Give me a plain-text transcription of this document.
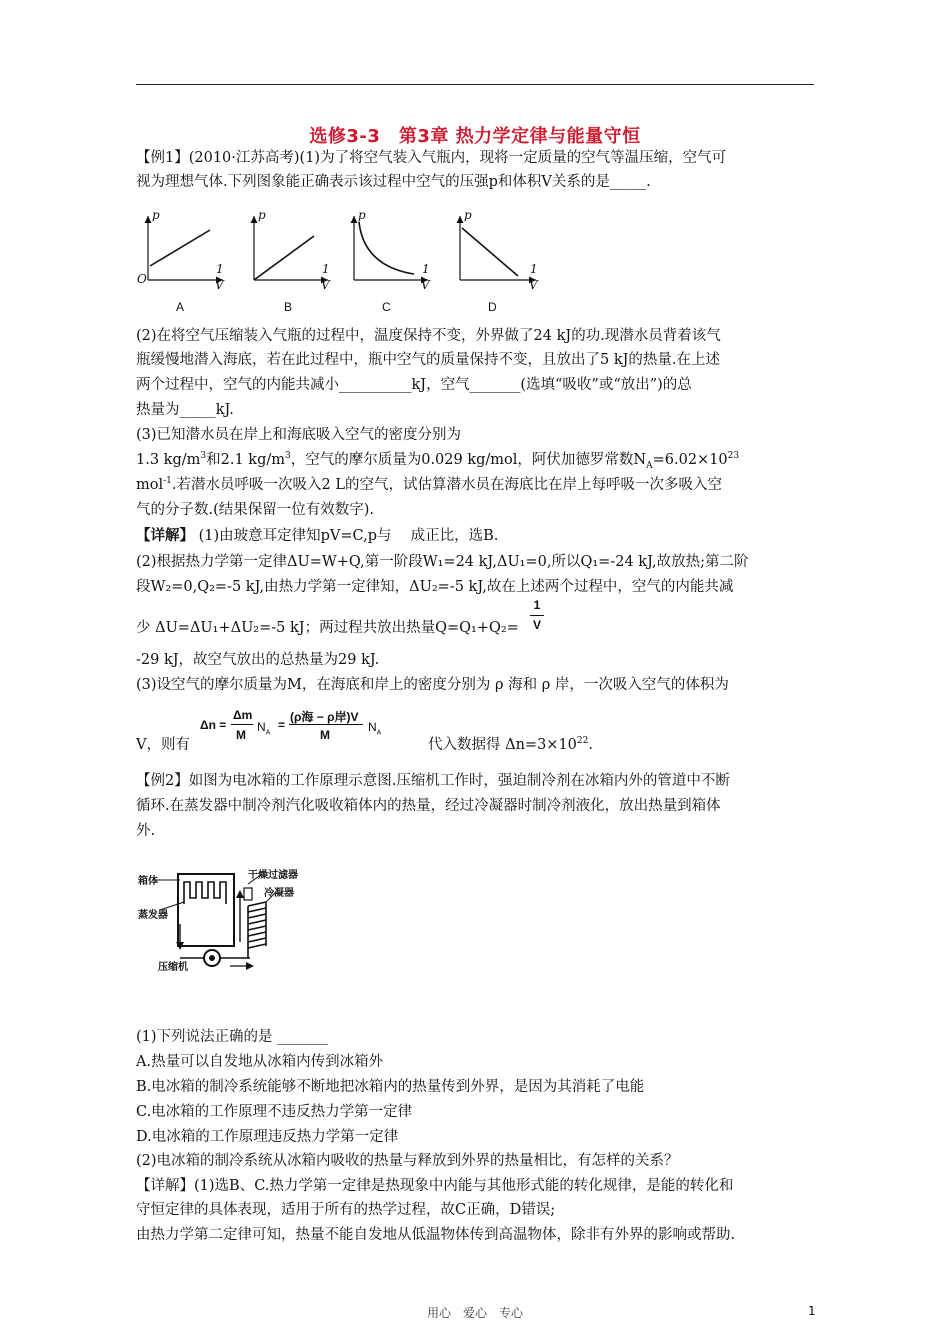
选修3-3　第3章 热力学定律与能量守恒
【例1】(2010·江苏高考)(1)为了将空气装入气瓶内，现将一定质量的空气等温压缩，空气可
视为理想气体.下列图象能正确表示该过程中空气的压强p和体积V关系的是_____.
p
O
1
V
A
p
1
V
B
p
1
V
C
p
1
V
D
(2)在将空气压缩装入气瓶的过程中，温度保持不变，外界做了24 kJ的功.现潜水员背着该气
瓶缓慢地潜入海底，若在此过程中，瓶中空气的质量保持不变，且放出了5 kJ的热量.在上述
两个过程中，空气的内能共减小__________kJ，空气_______(选填“吸收”或“放出”)的总
热量为_____kJ.
(3)已知潜水员在岸上和海底吸入空气的密度分别为
1.3 $kg/m^3$和2.1 $kg/m^3$，空气的摩尔质量为0.029 kg/mol，阿伏加德罗常数$N_A=6.02\times 10^{23}$
mol$^{-1}$.若潜水员呼吸一次吸入2 L的空气，试估算潜水员在海底比在岸上每呼吸一次多吸入空
气的分子数.(结果保留一位有效数字).
【详解】 (1)由玻意耳定律知pV=C,p与　 成正比，选B.
(2)根据热力学第一定律ΔU=W+Q,第一阶段W₁=24 kJ,ΔU₁=0,所以Q₁=-24 kJ,故放热;第二阶
段W₂=0,Q₂=-5 kJ,由热力学第一定律知，ΔU₂=-5 kJ,故在上述两个过程中，空气的内能共减
1
V
少 ΔU=ΔU₁+ΔU₂=-5 kJ；两过程共放出热量Q=Q₁+Q₂=
-29 kJ，故空气放出的总热量为29 kJ.
(3)设空气的摩尔质量为M，在海底和岸上的密度分别为 ρ 海和 ρ 岸，一次吸入空气的体积为
V，则有
Δn =
Δm
M
$N_A$
=
(ρ海 − ρ岸)V
M
$N_A$
代入数据得 $\Delta n=3\times 10^{22}$.
【例2】如图为电冰箱的工作原理示意图.压缩机工作时，强迫制冷剂在冰箱内外的管道中不断
循环.在蒸发器中制冷剂汽化吸收箱体内的热量，经过冷凝器时制冷剂液化，放出热量到箱体
外.
箱体
蒸发器
压缩机
干燥过滤器
冷凝器
(1)下列说法正确的是 _______
A.热量可以自发地从冰箱内传到冰箱外
B.电冰箱的制冷系统能够不断地把冰箱内的热量传到外界，是因为其消耗了电能
C.电冰箱的工作原理不违反热力学第一定律
D.电冰箱的工作原理违反热力学第一定律
(2)电冰箱的制冷系统从冰箱内吸收的热量与释放到外界的热量相比，有怎样的关系？
【详解】(1)选B、C.热力学第一定律是热现象中内能与其他形式能的转化规律，是能的转化和
守恒定律的具体表现，适用于所有的热学过程，故C正确，D错误;
由热力学第二定律可知，热量不能自发地从低温物体传到高温物体，除非有外界的影响或帮助.
用心　爱心　专心	1
